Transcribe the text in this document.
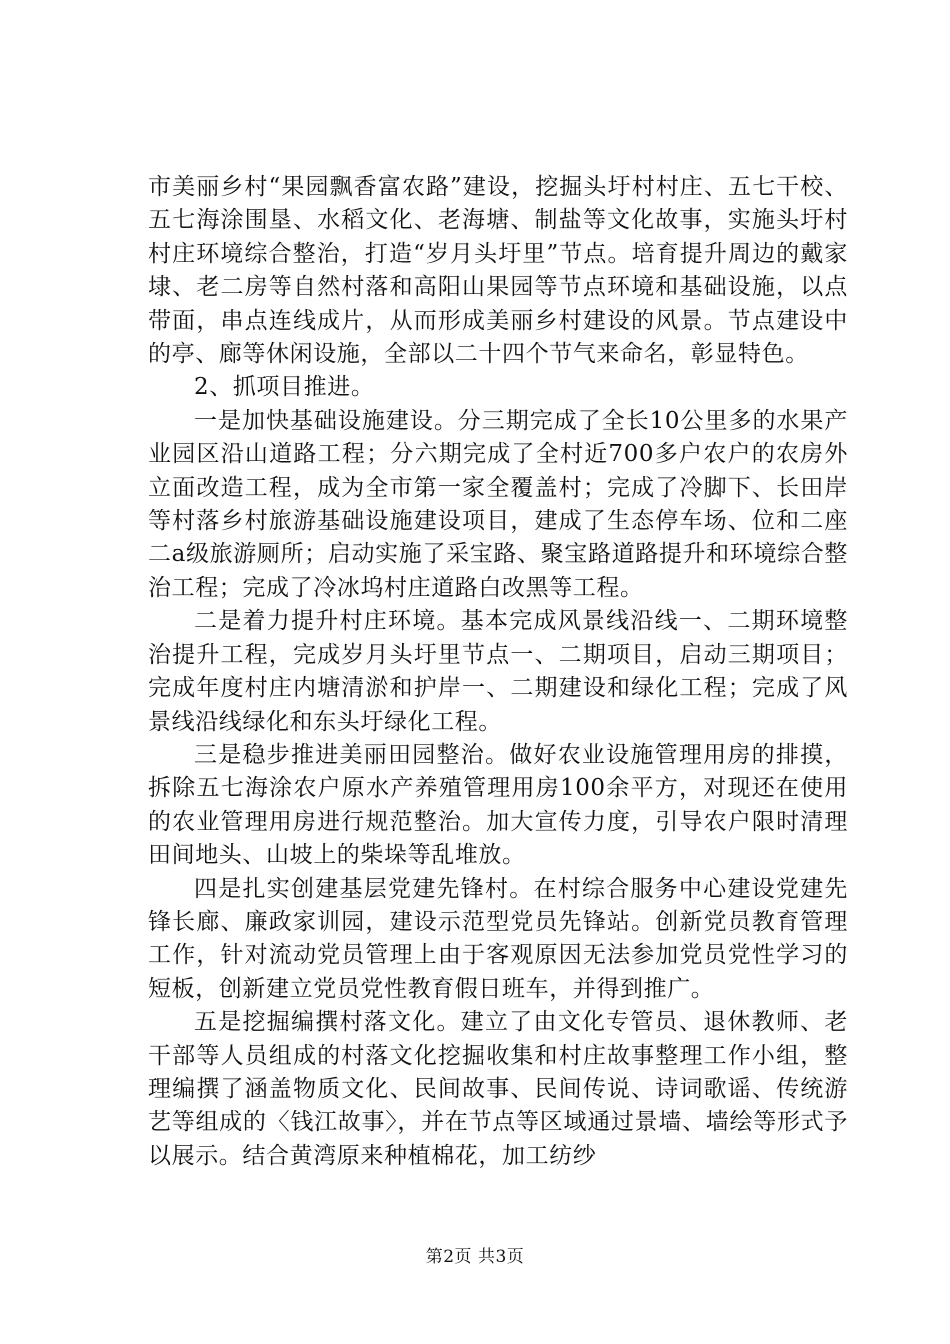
市美丽乡村“果园飘香富农路”建设，挖掘头圩村村庄、五七干校、五七海涂围垦、水稻文化、老海塘、制盐等文化故事，实施头圩村村庄环境综合整治，打造“岁月头圩里”节点。培育提升周边的戴家埭、老二房等自然村落和高阳山果园等节点环境和基础设施，以点带面，串点连线成片，从而形成美丽乡村建设的风景。节点建设中的亭、廊等休闲设施，全部以二十四个节气来命名，彰显特色。

2、抓项目推进。

一是加快基础设施建设。分三期完成了全长10公里多的水果产业园区沿山道路工程；分六期完成了全村近700多户农户的农房外立面改造工程，成为全市第一家全覆盖村；完成了冷脚下、长田岸等村落乡村旅游基础设施建设项目，建成了生态停车场、位和二座二a级旅游厕所；启动实施了采宝路、聚宝路道路提升和环境综合整治工程；完成了冷冰坞村庄道路白改黑等工程。

二是着力提升村庄环境。基本完成风景线沿线一、二期环境整治提升工程，完成岁月头圩里节点一、二期项目，启动三期项目；完成年度村庄内塘清淤和护岸一、二期建设和绿化工程；完成了风景线沿线绿化和东头圩绿化工程。

三是稳步推进美丽田园整治。做好农业设施管理用房的排摸，拆除五七海涂农户原水产养殖管理用房100余平方，对现还在使用的农业管理用房进行规范整治。加大宣传力度，引导农户限时清理田间地头、山坡上的柴垛等乱堆放。

四是扎实创建基层党建先锋村。在村综合服务中心建设党建先锋长廊、廉政家训园，建设示范型党员先锋站。创新党员教育管理工作，针对流动党员管理上由于客观原因无法参加党员党性学习的短板，创新建立党员党性教育假日班车，并得到推广。

五是挖掘编撰村落文化。建立了由文化专管员、退休教师、老干部等人员组成的村落文化挖掘收集和村庄故事整理工作小组，整理编撰了涵盖物质文化、民间故事、民间传说、诗词歌谣、传统游艺等组成的〈钱江故事〉，并在节点等区域通过景墙、墙绘等形式予以展示。结合黄湾原来种植棉花，加工纺纱

第2页 共3页
